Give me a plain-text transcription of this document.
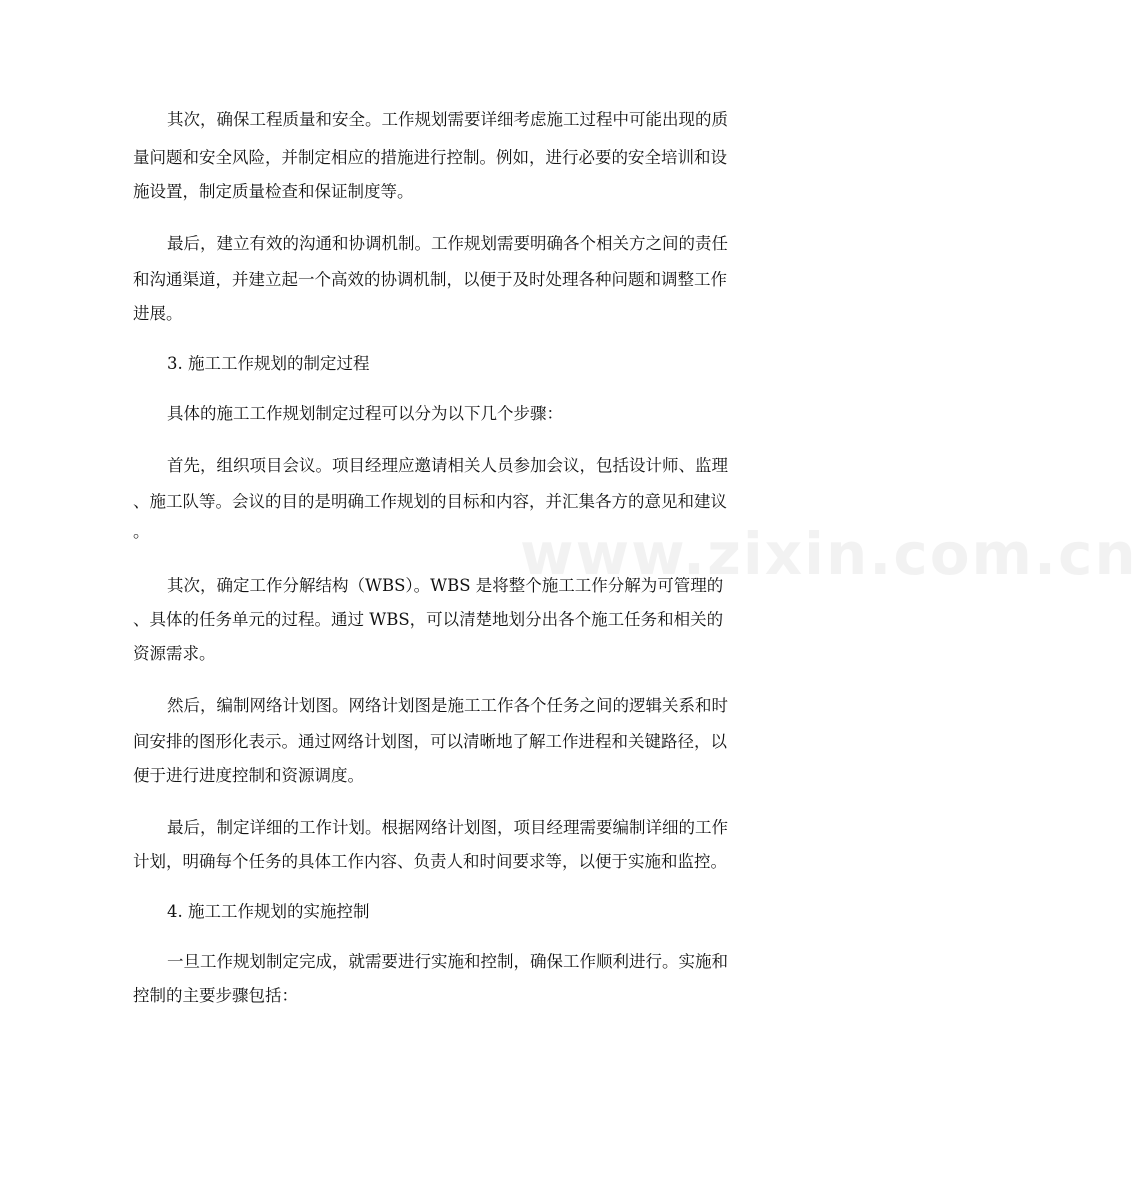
www.zixin.com.cn
其次，确保工程质量和安全。工作规划需要详细考虑施工过程中可能出现的质
量问题和安全风险，并制定相应的措施进行控制。例如，进行必要的安全培训和设
施设置，制定质量检查和保证制度等。
最后，建立有效的沟通和协调机制。工作规划需要明确各个相关方之间的责任
和沟通渠道，并建立起一个高效的协调机制，以便于及时处理各种问题和调整工作
进展。
3. 施工工作规划的制定过程
具体的施工工作规划制定过程可以分为以下几个步骤：
首先，组织项目会议。项目经理应邀请相关人员参加会议，包括设计师、监理
、施工队等。会议的目的是明确工作规划的目标和内容，并汇集各方的意见和建议
。
其次，确定工作分解结构（WBS）。WBS 是将整个施工工作分解为可管理的
、具体的任务单元的过程。通过 WBS，可以清楚地划分出各个施工任务和相关的
资源需求。
然后，编制网络计划图。网络计划图是施工工作各个任务之间的逻辑关系和时
间安排的图形化表示。通过网络计划图，可以清晰地了解工作进程和关键路径，以
便于进行进度控制和资源调度。
最后，制定详细的工作计划。根据网络计划图，项目经理需要编制详细的工作
计划，明确每个任务的具体工作内容、负责人和时间要求等，以便于实施和监控。
4. 施工工作规划的实施控制
一旦工作规划制定完成，就需要进行实施和控制，确保工作顺利进行。实施和
控制的主要步骤包括：
